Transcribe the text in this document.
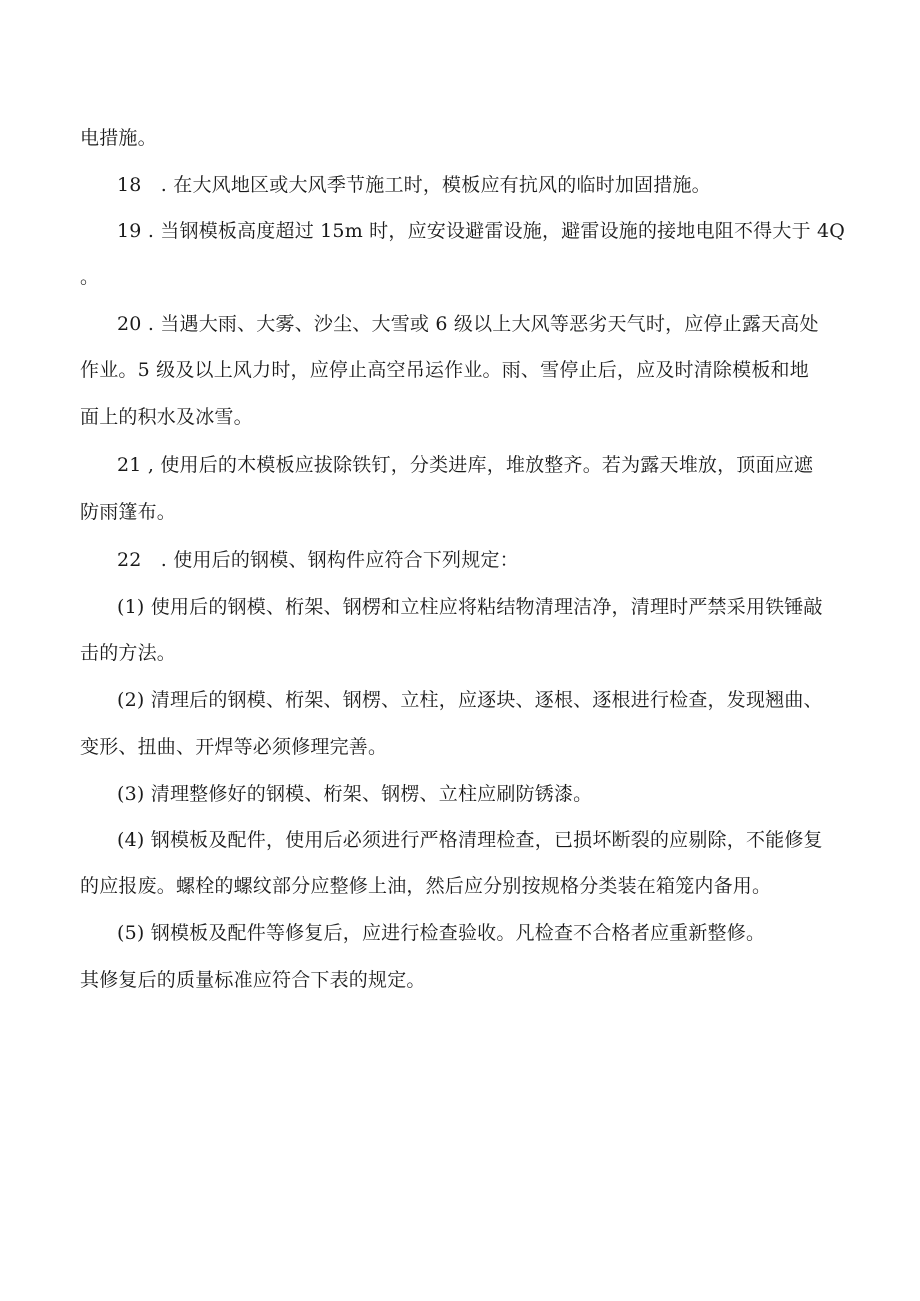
电措施。
18　. 在大风地区或大风季节施工时，模板应有抗风的临时加固措施。
19 . 当钢模板高度超过 15m 时，应安设避雷设施，避雷设施的接地电阻不得大于 4Q
。
20 . 当遇大雨、大雾、沙尘、大雪或 6 级以上大风等恶劣天气时，应停止露天高处
作业。5 级及以上风力时，应停止高空吊运作业。雨、雪停止后，应及时清除模板和地
面上的积水及冰雪。
21 , 使用后的木模板应拔除铁钉，分类进库，堆放整齐。若为露天堆放，顶面应遮
防雨篷布。
22　. 使用后的钢模、钢构件应符合下列规定：
(1) 使用后的钢模、桁架、钢楞和立柱应将粘结物清理洁净，清理时严禁采用铁锤敲
击的方法。
(2) 清理后的钢模、桁架、钢楞、立柱，应逐块、逐根、逐根进行检查，发现翘曲、
变形、扭曲、开焊等必须修理完善。
(3) 清理整修好的钢模、桁架、钢楞、立柱应刷防锈漆。
(4) 钢模板及配件，使用后必须进行严格清理检查，已损坏断裂的应剔除，不能修复
的应报废。螺栓的螺纹部分应整修上油，然后应分别按规格分类装在箱笼内备用。
(5) 钢模板及配件等修复后，应进行检查验收。凡检查不合格者应重新整修。
其修复后的质量标准应符合下表的规定。
